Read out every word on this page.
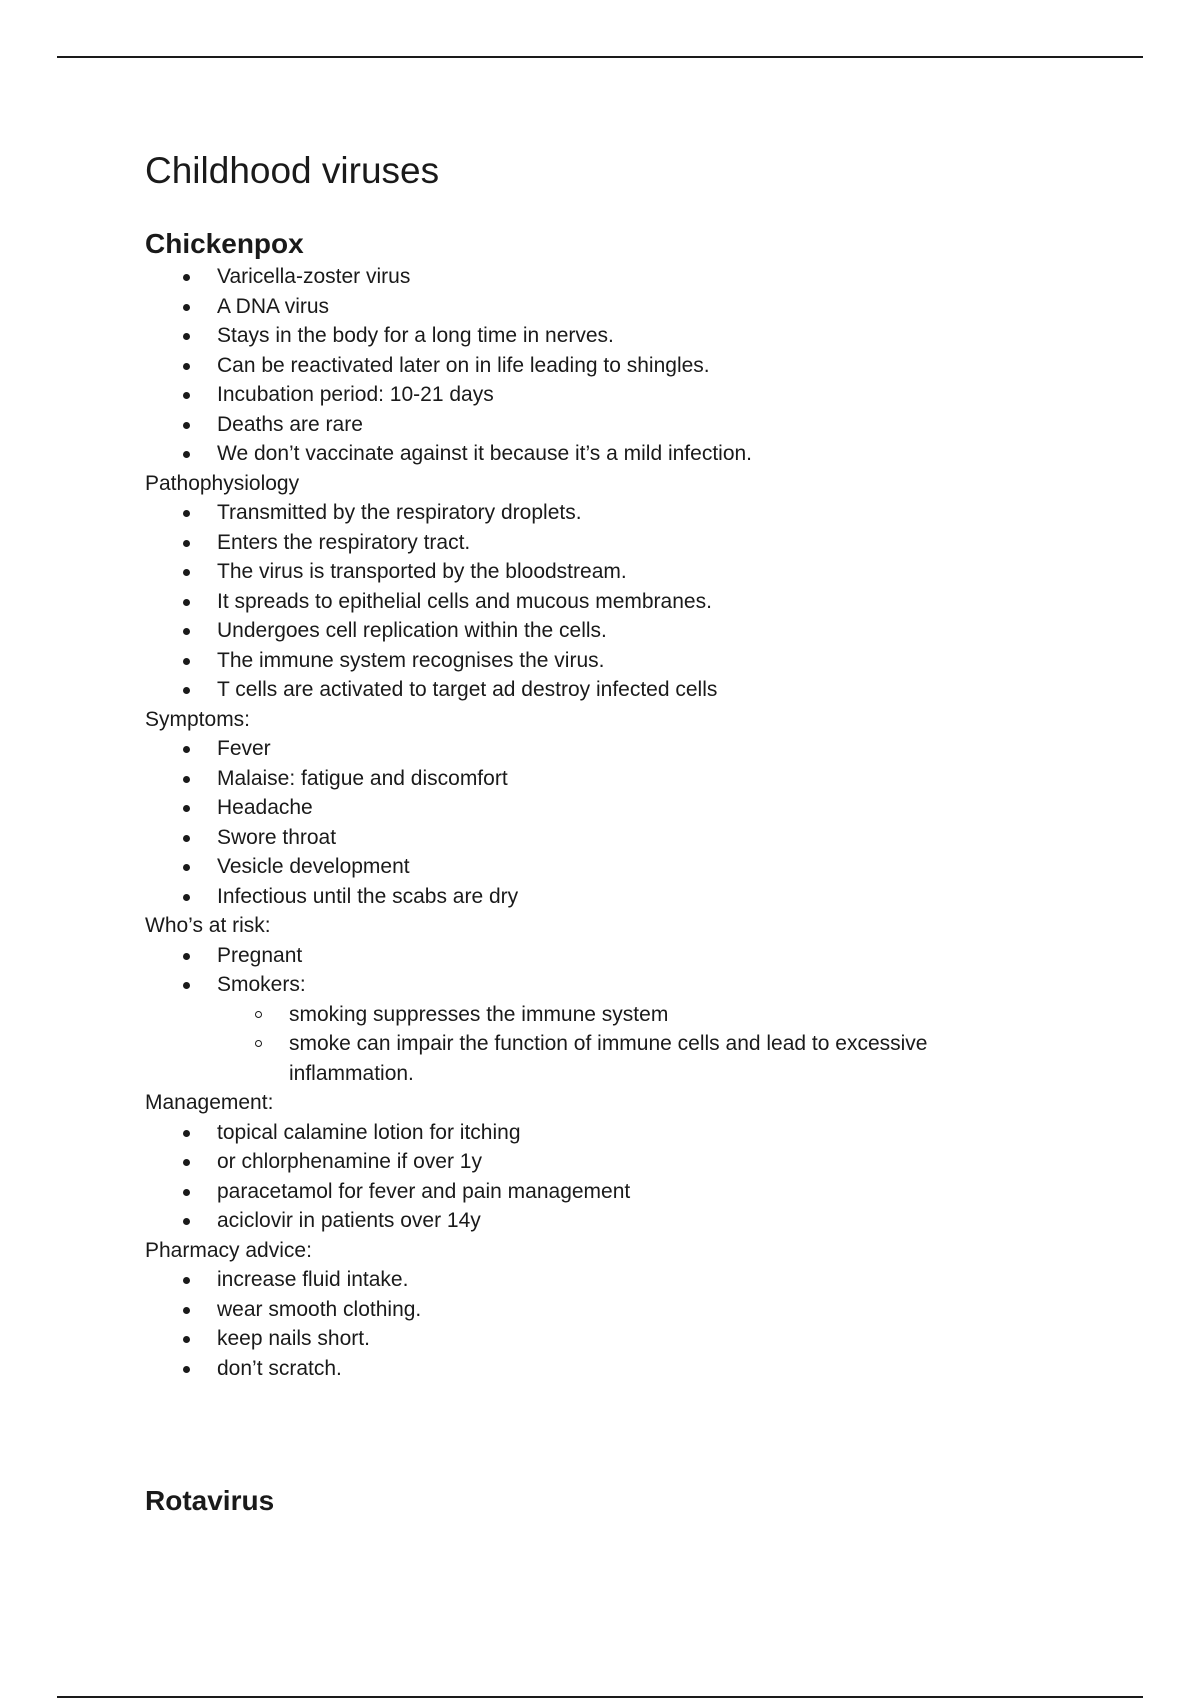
Childhood viruses
Chickenpox
Varicella-zoster virus
A DNA virus
Stays in the body for a long time in nerves.
Can be reactivated later on in life leading to shingles.
Incubation period: 10-21 days
Deaths are rare
We don’t vaccinate against it because it’s a mild infection.

Pathophysiology

Transmitted by the respiratory droplets.
Enters the respiratory tract.
The virus is transported by the bloodstream.
It spreads to epithelial cells and mucous membranes.
Undergoes cell replication within the cells.
The immune system recognises the virus.
T cells are activated to target ad destroy infected cells

Symptoms:

Fever
Malaise: fatigue and discomfort
Headache
Swore throat
Vesicle development
Infectious until the scabs are dry

Who’s at risk:

Pregnant
Smokers:
smoking suppresses the immune system
smoke can impair the function of immune cells and lead to excessive inflammation.

Management:

topical calamine lotion for itching
or chlorphenamine if over 1y
paracetamol for fever and pain management
aciclovir in patients over 14y

Pharmacy advice:

increase fluid intake.
wear smooth clothing.
keep nails short.
don’t scratch.
Rotavirus
